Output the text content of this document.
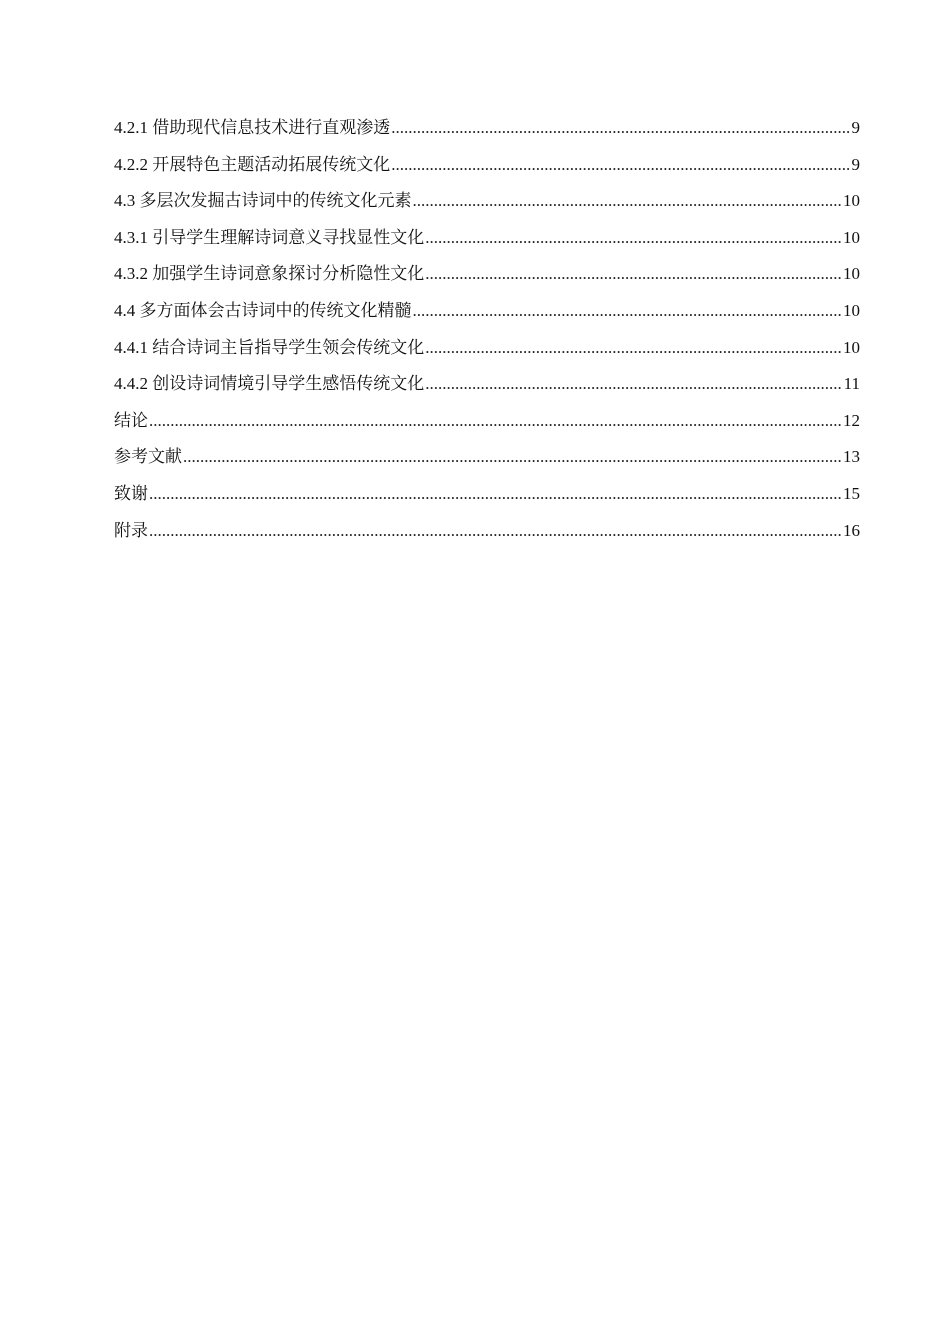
4.2.1 借助现代信息技术进行直观渗透 .....	9
4.2.2 开展特色主题活动拓展传统文化 .....	9
4.3 多层次发掘古诗词中的传统文化元素 .....	10
4.3.1 引导学生理解诗词意义寻找显性文化 .....	10
4.3.2 加强学生诗词意象探讨分析隐性文化 .....	10
4.4 多方面体会古诗词中的传统文化精髓 .....	10
4.4.1 结合诗词主旨指导学生领会传统文化 .....	10
4.4.2 创设诗词情境引导学生感悟传统文化 .....	11
结论 .....	12
参考文献 .....	13
致谢 .....	15
附录 .....	16
